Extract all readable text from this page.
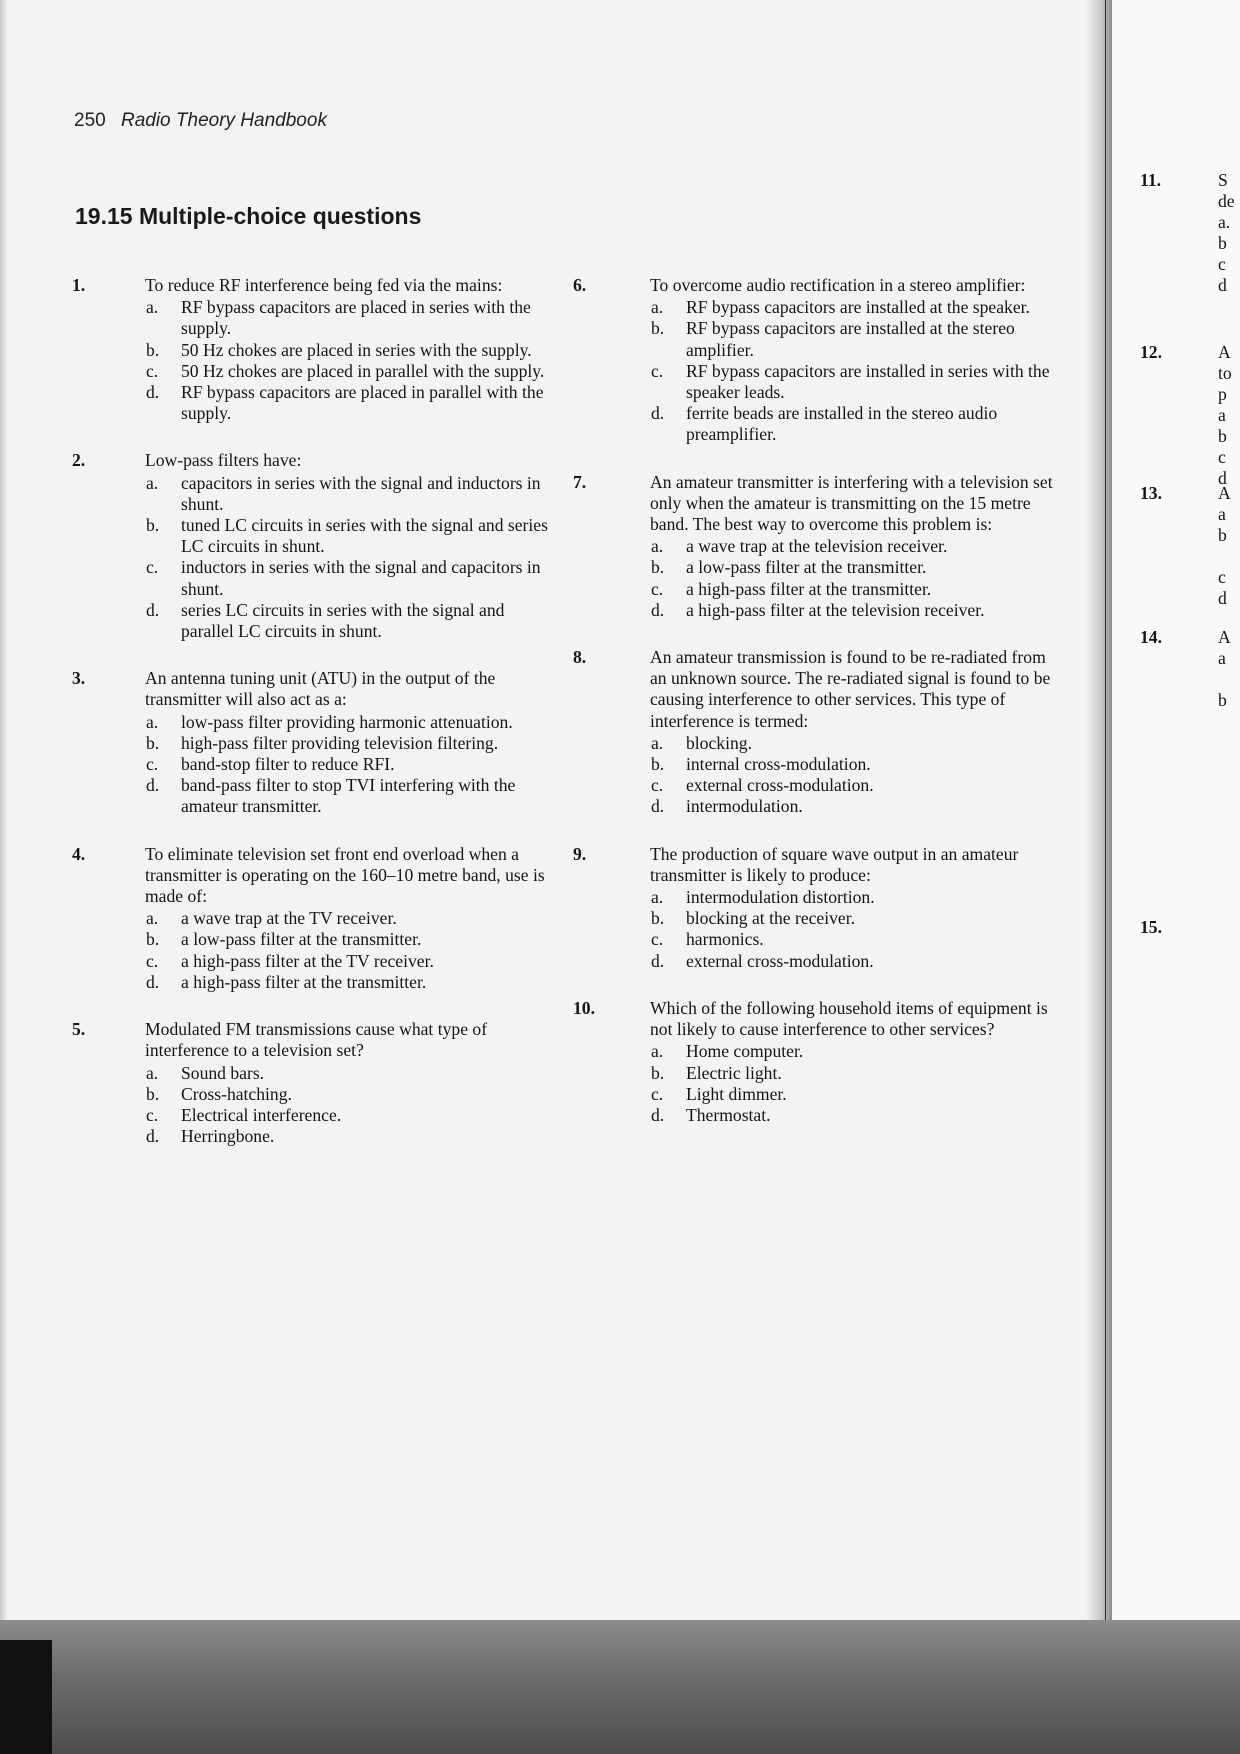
250 Radio Theory Handbook
19.15 Multiple-choice questions
1.	To reduce RF interference being fed via the mains:
a. RF bypass capacitors are placed in series with the supply.
b. 50 Hz chokes are placed in series with the supply.
c. 50 Hz chokes are placed in parallel with the supply.
d. RF bypass capacitors are placed in parallel with the supply.
2.	Low-pass filters have:
a. capacitors in series with the signal and inductors in shunt.
b. tuned LC circuits in series with the signal and series LC circuits in shunt.
c. inductors in series with the signal and capacitors in shunt.
d. series LC circuits in series with the signal and parallel LC circuits in shunt.
3.	An antenna tuning unit (ATU) in the output of the transmitter will also act as a:
a. low-pass filter providing harmonic attenuation.
b. high-pass filter providing television filtering.
c. band-stop filter to reduce RFI.
d. band-pass filter to stop TVI interfering with the amateur transmitter.
4.	To eliminate television set front end overload when a transmitter is operating on the 160–10 metre band, use is made of:
a. a wave trap at the TV receiver.
b. a low-pass filter at the transmitter.
c. a high-pass filter at the TV receiver.
d. a high-pass filter at the transmitter.
5.	Modulated FM transmissions cause what type of interference to a television set?
a. Sound bars.
b. Cross-hatching.
c. Electrical interference.
d. Herringbone.
6.	To overcome audio rectification in a stereo amplifier:
a. RF bypass capacitors are installed at the speaker.
b. RF bypass capacitors are installed at the stereo amplifier.
c. RF bypass capacitors are installed in series with the speaker leads.
d. ferrite beads are installed in the stereo audio preamplifier.
7.	An amateur transmitter is interfering with a television set only when the amateur is transmitting on the 15 metre band. The best way to overcome this problem is:
a. a wave trap at the television receiver.
b. a low-pass filter at the transmitter.
c. a high-pass filter at the transmitter.
d. a high-pass filter at the television receiver.
8.	An amateur transmission is found to be re-radiated from an unknown source. The re-radiated signal is found to be causing interference to other services. This type of interference is termed:
a. blocking.
b. internal cross-modulation.
c. external cross-modulation.
d. intermodulation.
9.	The production of square wave output in an amateur transmitter is likely to produce:
a. intermodulation distortion.
b. blocking at the receiver.
c. harmonics.
d. external cross-modulation.
10.	Which of the following household items of equipment is not likely to cause interference to other services?
a. Home computer.
b. Electric light.
c. Light dimmer.
d. Thermostat.
11.
12.
13.
14.
15.
S
de
a.
b
c
d
A
to
p
a
b
c
d
A
a
b
c
d
A
a
b
